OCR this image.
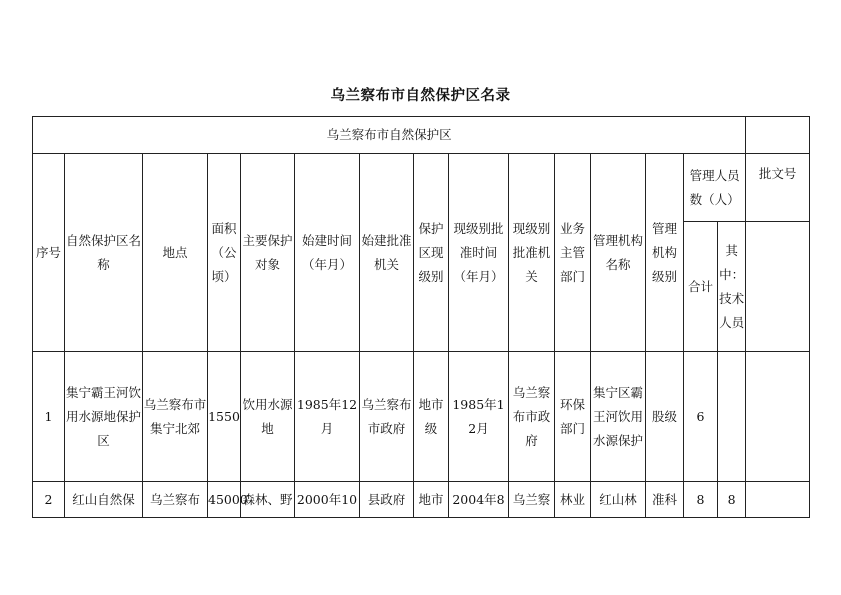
乌兰察布市自然保护区名录
乌兰察布市自然保护区															
序号	自然保护区名称	地点	面积（公顷）	主要保护对象	始建时间（年月）	始建批准机关	保护区现级别	现级别批准时间（年月）	现级别批准机关	业务主管部门	管理机构名称	管理机构级别	管理人员数（人）		批文号
													合计	其中：技术人员	
1	集宁霸王河饮用水源地保护区	乌兰察布市集宁北郊	1550	饮用水源地	1985年12月	乌兰察布市政府	地市级	1985年12月	乌兰察布市政府	环保部门	集宁区霸王河饮用水源保护	股级	6		
2	红山自然保	乌兰察布	45000	森林、野	2000年10	县政府	地市	2004年8	乌兰察	林业	红山林	准科	8	8	
